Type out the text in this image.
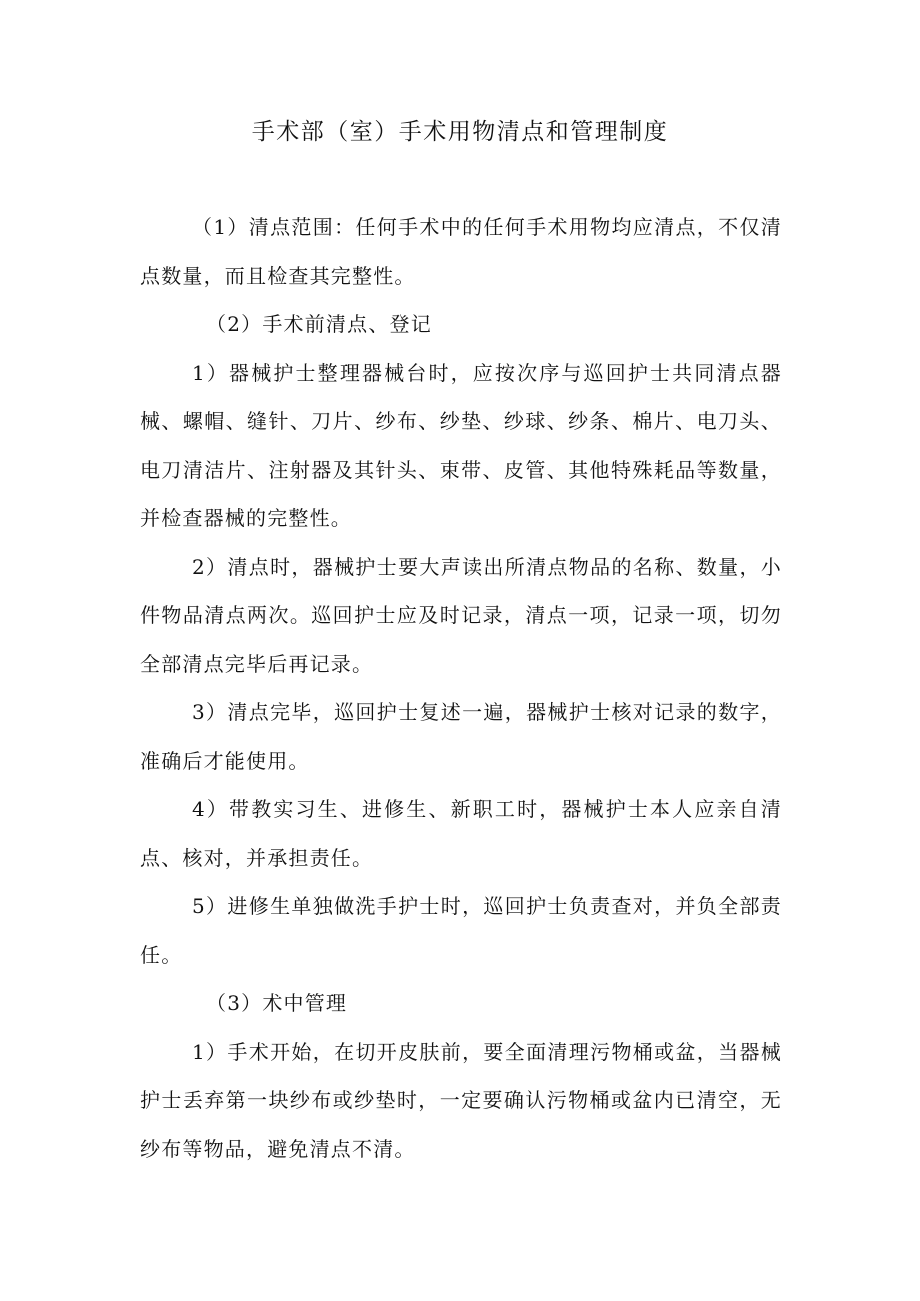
手术部（室）手术用物清点和管理制度

（1）清点范围：任何手术中的任何手术用物均应清点，不仅清点数量，而且检查其完整性。

（2）手术前清点、登记

1）器械护士整理器械台时，应按次序与巡回护士共同清点器械、螺帽、缝针、刀片、纱布、纱垫、纱球、纱条、棉片、电刀头、电刀清洁片、注射器及其针头、束带、皮管、其他特殊耗品等数量，并检查器械的完整性。

2）清点时，器械护士要大声读出所清点物品的名称、数量，小件物品清点两次。巡回护士应及时记录，清点一项，记录一项，切勿全部清点完毕后再记录。

3）清点完毕，巡回护士复述一遍，器械护士核对记录的数字，准确后才能使用。

4）带教实习生、进修生、新职工时，器械护士本人应亲自清点、核对，并承担责任。

5）进修生单独做洗手护士时，巡回护士负责查对，并负全部责任。

（3）术中管理

1）手术开始，在切开皮肤前，要全面清理污物桶或盆，当器械护士丢弃第一块纱布或纱垫时，一定要确认污物桶或盆内已清空，无纱布等物品，避免清点不清。
